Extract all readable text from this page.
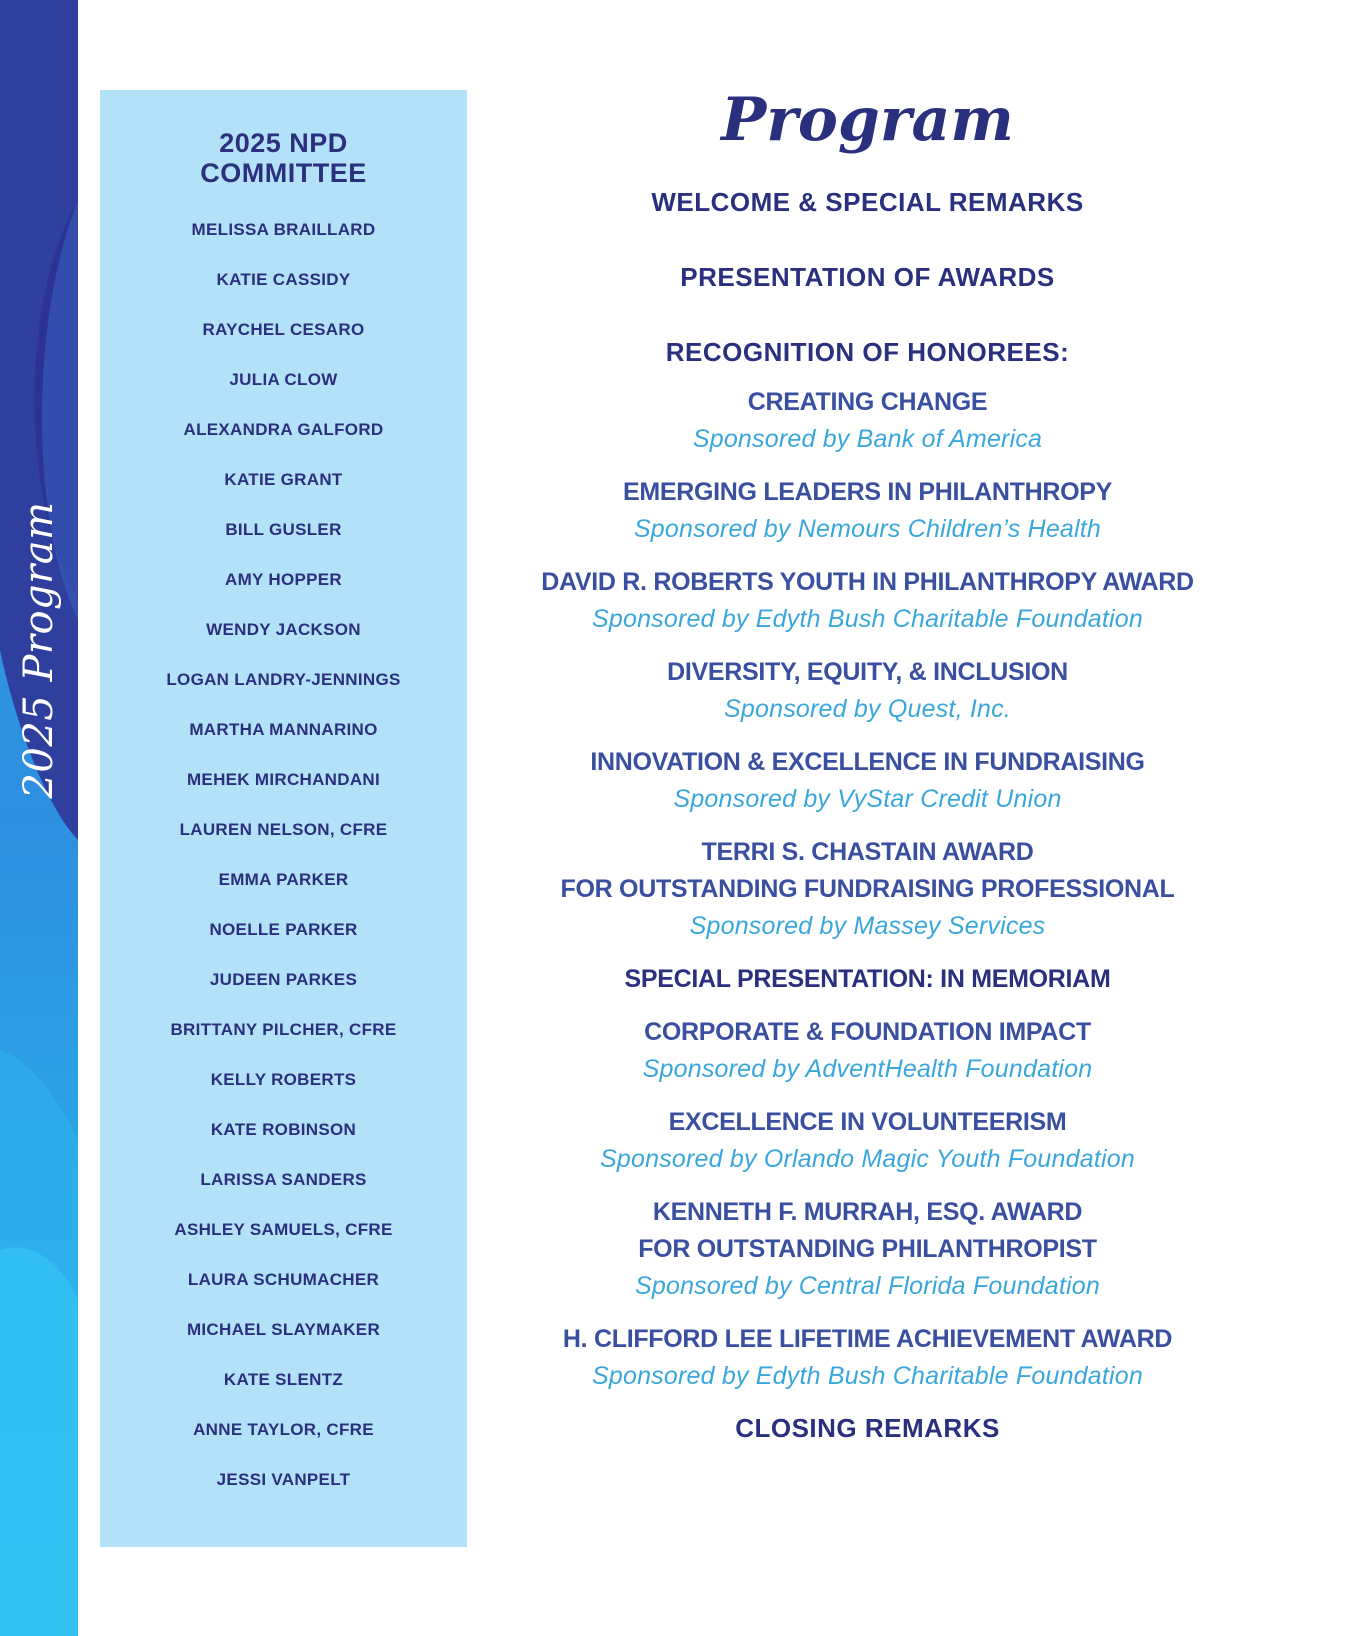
2025 Program
2025 NPD
COMMITTEE
MELISSA BRAILLARD
KATIE CASSIDY
RAYCHEL CESARO
JULIA CLOW
ALEXANDRA GALFORD
KATIE GRANT
BILL GUSLER
AMY HOPPER
WENDY JACKSON
LOGAN LANDRY-JENNINGS
MARTHA MANNARINO
MEHEK MIRCHANDANI
LAUREN NELSON, CFRE
EMMA PARKER
NOELLE PARKER
JUDEEN PARKES
BRITTANY PILCHER, CFRE
KELLY ROBERTS
KATE ROBINSON
LARISSA SANDERS
ASHLEY SAMUELS, CFRE
LAURA SCHUMACHER
MICHAEL SLAYMAKER
KATE SLENTZ
ANNE TAYLOR, CFRE
JESSI VANPELT
Program
WELCOME & SPECIAL REMARKS
PRESENTATION OF AWARDS
RECOGNITION OF HONOREES:
CREATING CHANGE
Sponsored by Bank of America
EMERGING LEADERS IN PHILANTHROPY
Sponsored by Nemours Children’s Health
DAVID R. ROBERTS YOUTH IN PHILANTHROPY AWARD
Sponsored by Edyth Bush Charitable Foundation
DIVERSITY, EQUITY, & INCLUSION
Sponsored by Quest, Inc.
INNOVATION & EXCELLENCE IN FUNDRAISING
Sponsored by VyStar Credit Union
TERRI S. CHASTAIN AWARD
FOR OUTSTANDING FUNDRAISING PROFESSIONAL
Sponsored by Massey Services
SPECIAL PRESENTATION: IN MEMORIAM
CORPORATE & FOUNDATION IMPACT
Sponsored by AdventHealth Foundation
EXCELLENCE IN VOLUNTEERISM
Sponsored by Orlando Magic Youth Foundation
KENNETH F. MURRAH, ESQ. AWARD
FOR OUTSTANDING PHILANTHROPIST
Sponsored by Central Florida Foundation
H. CLIFFORD LEE LIFETIME ACHIEVEMENT AWARD
Sponsored by Edyth Bush Charitable Foundation
CLOSING REMARKS
